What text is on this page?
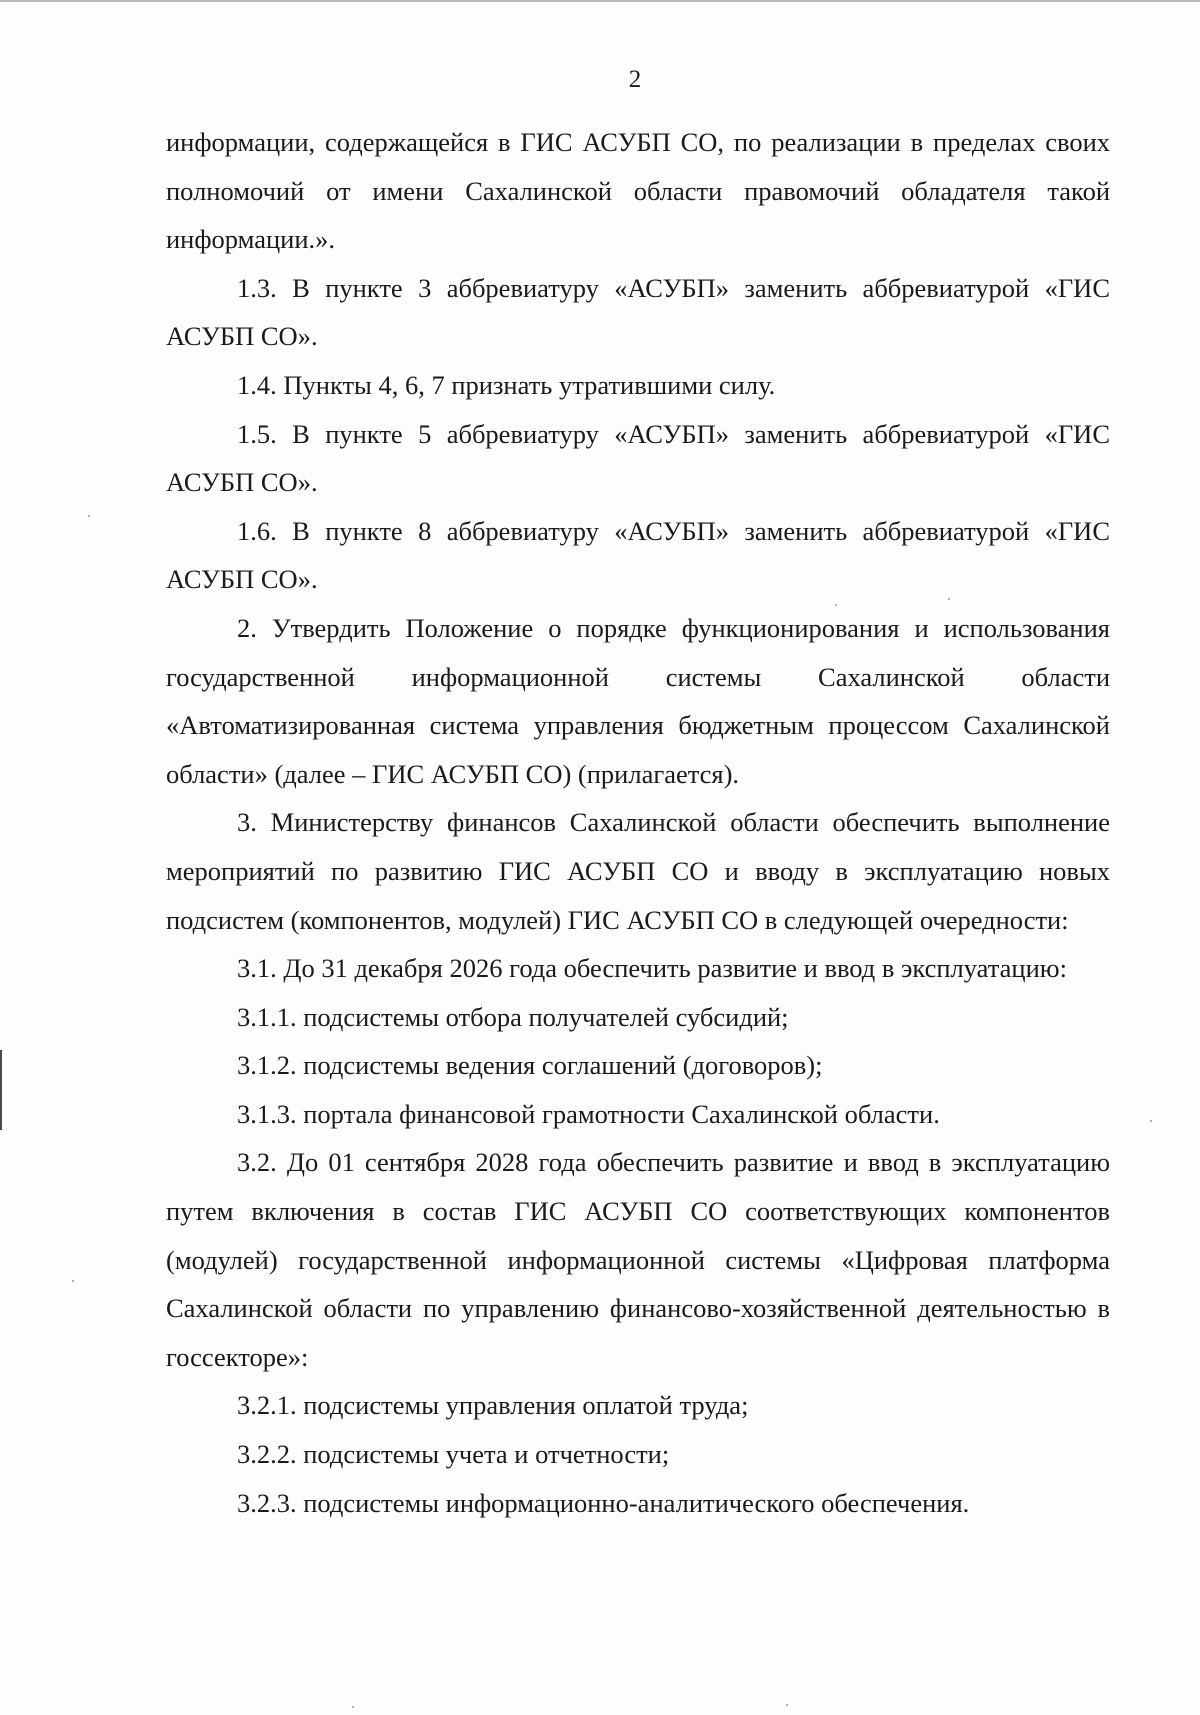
2

информации, содержащейся в ГИС АСУБП СО, по реализации в пределах своих полномочий от имени Сахалинской области правомочий обладателя такой информации.».

1.3. В пункте 3 аббревиатуру «АСУБП» заменить аббревиатурой «ГИС АСУБП СО».

1.4. Пункты 4, 6, 7 признать утратившими силу.

1.5. В пункте 5 аббревиатуру «АСУБП» заменить аббревиатурой «ГИС АСУБП СО».

1.6. В пункте 8 аббревиатуру «АСУБП» заменить аббревиатурой «ГИС АСУБП СО».

2. Утвердить Положение о порядке функционирования и использования государственной информационной системы Сахалинской области «Автоматизированная система управления бюджетным процессом Сахалинской области» (далее – ГИС АСУБП СО) (прилагается).

3. Министерству финансов Сахалинской области обеспечить выполнение мероприятий по развитию ГИС АСУБП СО и вводу в эксплуатацию новых подсистем (компонентов, модулей) ГИС АСУБП СО в следующей очередности:

3.1. До 31 декабря 2026 года обеспечить развитие и ввод в эксплуатацию:

3.1.1. подсистемы отбора получателей субсидий;

3.1.2. подсистемы ведения соглашений (договоров);

3.1.3. портала финансовой грамотности Сахалинской области.

3.2. До 01 сентября 2028 года обеспечить развитие и ввод в эксплуатацию путем включения в состав ГИС АСУБП СО соответствующих компонентов (модулей) государственной информационной системы «Цифровая платформа Сахалинской области по управлению финансово-хозяйственной деятельностью в госсекторе»:

3.2.1. подсистемы управления оплатой труда;

3.2.2. подсистемы учета и отчетности;

3.2.3. подсистемы информационно-аналитического обеспечения.
